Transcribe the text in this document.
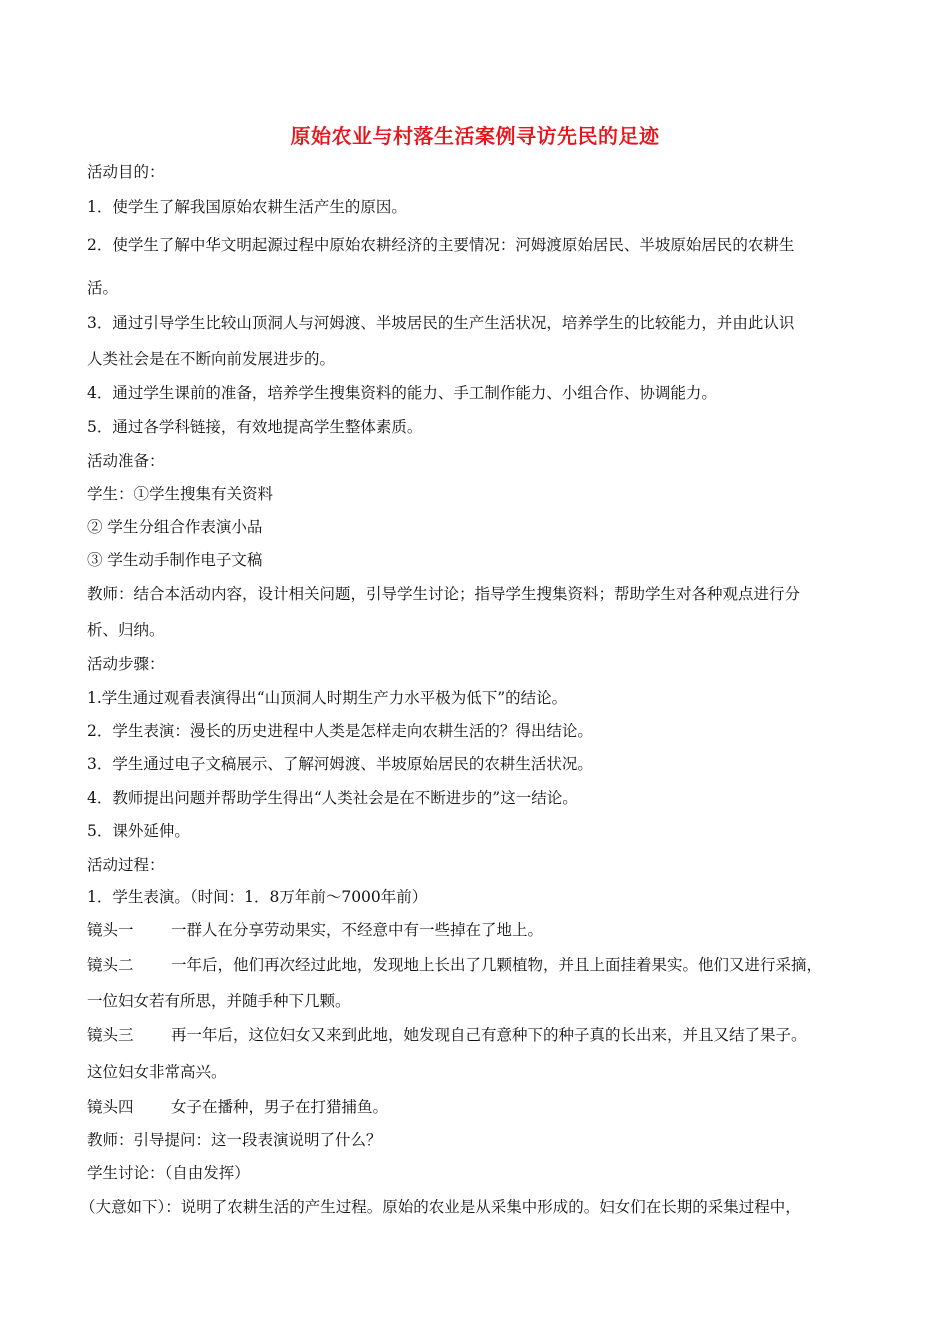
原始农业与村落生活案例寻访先民的足迹
活动目的：
1．使学生了解我国原始农耕生活产生的原因。
2．使学生了解中华文明起源过程中原始农耕经济的主要情况：河姆渡原始居民、半坡原始居民的农耕生
活。
3．通过引导学生比较山顶洞人与河姆渡、半坡居民的生产生活状况，培养学生的比较能力，并由此认识
人类社会是在不断向前发展进步的。
4．通过学生课前的准备，培养学生搜集资料的能力、手工制作能力、小组合作、协调能力。
5．通过各学科链接，有效地提高学生整体素质。
活动准备：
学生：①学生搜集有关资料
② 学生分组合作表演小品
③ 学生动手制作电子文稿
教师：结合本活动内容，设计相关问题，引导学生讨论；指导学生搜集资料；帮助学生对各种观点进行分
析、归纳。
活动步骤：
1.学生通过观看表演得出“山顶洞人时期生产力水平极为低下”的结论。
2．学生表演：漫长的历史进程中人类是怎样走向农耕生活的？得出结论。
3．学生通过电子文稿展示、了解河姆渡、半坡原始居民的农耕生活状况。
4．教师提出问题并帮助学生得出“人类社会是在不断进步的”这一结论。
5．课外延伸。
活动过程：
1．学生表演。（时间：1．8万年前～7000年前）
镜头一 一群人在分享劳动果实，不经意中有一些掉在了地上。
镜头二 一年后，他们再次经过此地，发现地上长出了几颗植物，并且上面挂着果实。他们又进行采摘，
一位妇女若有所思，并随手种下几颗。
镜头三 再一年后，这位妇女又来到此地，她发现自己有意种下的种子真的长出来，并且又结了果子。
这位妇女非常高兴。
镜头四 女子在播种，男子在打猎捕鱼。
教师：引导提问：这一段表演说明了什么？
学生讨论：（自由发挥）
（大意如下）：说明了农耕生活的产生过程。原始的农业是从采集中形成的。妇女们在长期的采集过程中，
